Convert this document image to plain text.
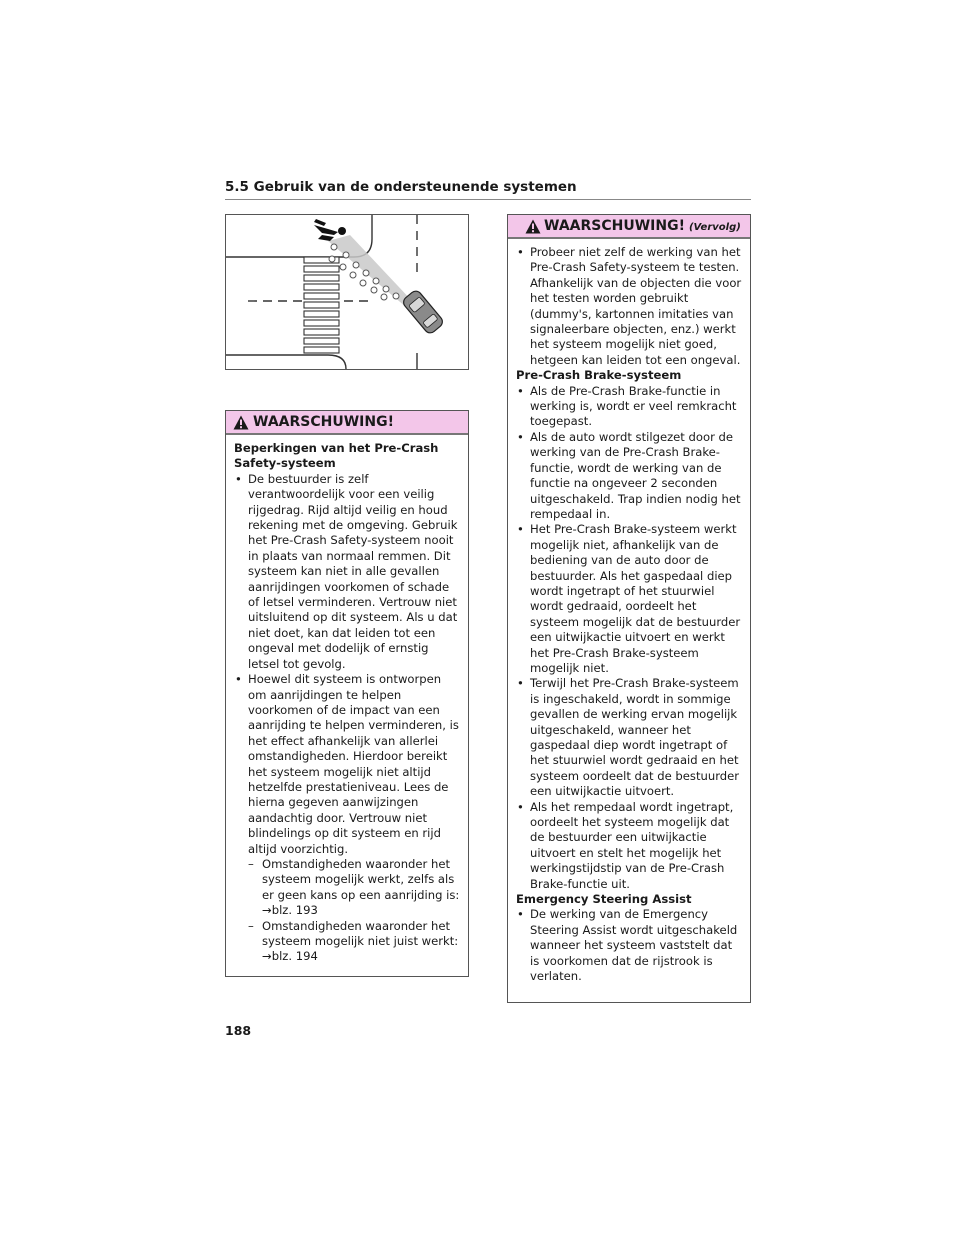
5.5 Gebruik van de ondersteunende systemen
WAARSCHUWING!
Beperkingen van het Pre-Crash Safety-systeem
• De bestuurder is zelf verantwoordelijk voor een veilig rijgedrag. Rijd altijd veilig en houd rekening met de omgeving. Gebruik het Pre-Crash Safety-systeem nooit in plaats van normaal remmen. Dit systeem kan niet in alle gevallen aanrijdingen voorkomen of schade of letsel verminderen. Vertrouw niet uitsluitend op dit systeem. Als u dat niet doet, kan dat leiden tot een ongeval met dodelijk of ernstig letsel tot gevolg.
• Hoewel dit systeem is ontworpen om aanrijdingen te helpen voorkomen of de impact van een aanrijding te helpen verminderen, is het effect afhankelijk van allerlei omstandigheden. Hierdoor bereikt het systeem mogelijk niet altijd hetzelfde prestatieniveau. Lees de hierna gegeven aanwijzingen aandachtig door. Vertrouw niet blindelings op dit systeem en rijd altijd voorzichtig.
– Omstandigheden waaronder het systeem mogelijk werkt, zelfs als er geen kans op een aanrijding is: →blz. 193
– Omstandigheden waaronder het systeem mogelijk niet juist werkt: →blz. 194
WAARSCHUWING! (Vervolg)
• Probeer niet zelf de werking van het Pre-Crash Safety-systeem te testen. Afhankelijk van de objecten die voor het testen worden gebruikt (dummy's, kartonnen imitaties van signaleerbare objecten, enz.) werkt het systeem mogelijk niet goed, hetgeen kan leiden tot een ongeval.
Pre-Crash Brake-systeem
• Als de Pre-Crash Brake-functie in werking is, wordt er veel remkracht toegepast.
• Als de auto wordt stilgezet door de werking van de Pre-Crash Brake-functie, wordt de werking van de functie na ongeveer 2 seconden uitgeschakeld. Trap indien nodig het rempedaal in.
• Het Pre-Crash Brake-systeem werkt mogelijk niet, afhankelijk van de bediening van de auto door de bestuurder. Als het gaspedaal diep wordt ingetrapt of het stuurwiel wordt gedraaid, oordeelt het systeem mogelijk dat de bestuurder een uitwijkactie uitvoert en werkt het Pre-Crash Brake-systeem mogelijk niet.
• Terwijl het Pre-Crash Brake-systeem is ingeschakeld, wordt in sommige gevallen de werking ervan mogelijk uitgeschakeld, wanneer het gaspedaal diep wordt ingetrapt of het stuurwiel wordt gedraaid en het systeem oordeelt dat de bestuurder een uitwijkactie uitvoert.
• Als het rempedaal wordt ingetrapt, oordeelt het systeem mogelijk dat de bestuurder een uitwijkactie uitvoert en stelt het mogelijk het werkingstijdstip van de Pre-Crash Brake-functie uit.
Emergency Steering Assist
• De werking van de Emergency Steering Assist wordt uitgeschakeld wanneer het systeem vaststelt dat is voorkomen dat de rijstrook is verlaten.
188
